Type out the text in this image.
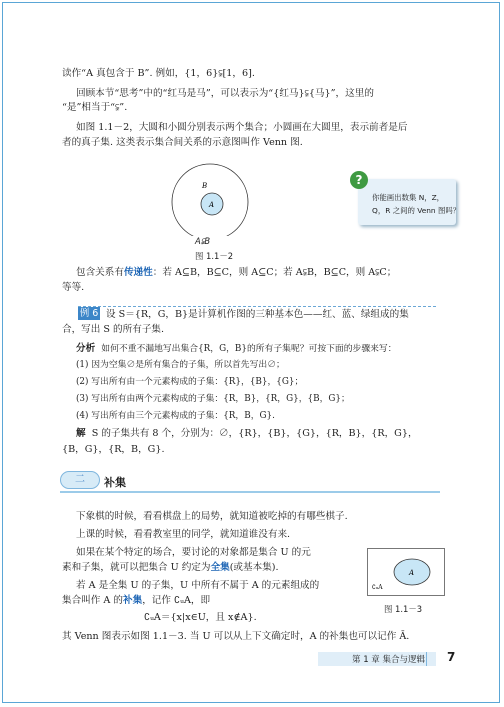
读作“A 真包含于 B”. 例如，{1，6}⫋[1，6].
回顾本节“思考”中的“红马是马”，可以表示为“{红马}⫋{马}”，这里的
“是”相当于“⫋”.
如图 1.1－2，大圆和小圆分别表示两个集合；小圆画在大圆里，表示前者是后
者的真子集. 这类表示集合间关系的示意图叫作 Venn 图.
B
A
A⫋B
图 1.1－2
?
你能画出数集 N，Z，
Q，R 之间的 Venn 图吗？
包含关系有传递性：若 A⊆B，B⊆C，则 A⊆C；若 A⫋B，B⊆C，则 A⫋C；
等等.
例 6 设 S＝{R，G，B}是计算机作图的三种基本色——红、蓝、绿组成的集
合，写出 S 的所有子集.
分析 如何不重不漏地写出集合{R，G，B}的所有子集呢？可按下面的步骤来写：
(1) 因为空集∅是所有集合的子集，所以首先写出∅；
(2) 写出所有由一个元素构成的子集：{R}，{B}，{G}；
(3) 写出所有由两个元素构成的子集：{R，B}，{R，G}，{B，G}；
(4) 写出所有由三个元素构成的子集：{R，B，G}.
解 S 的子集共有 8 个，分别为：∅，{R}，{B}，{G}，{R，B}，{R，G}，
{B，G}，{R，B，G}.
二	补集
下象棋的时候，看看棋盘上的局势，就知道被吃掉的有哪些棋子.
上课的时候，看看教室里的同学，就知道谁没有来.
如果在某个特定的场合，要讨论的对象都是集合 U 的元
素和子集，就可以把集合 U 约定为全集(或基本集).
若 A 是全集 U 的子集，U 中所有不属于 A 的元素组成的
集合叫作 A 的补集，记作 ∁ᵤA，即
∁ᵤA＝{x|x∈U，且 x∉A}.
其 Venn 图表示如图 1.1－3. 当 U 可以从上下文确定时，A 的补集也可以记作 Ā.
A
∁ᵤA
图 1.1－3
第 1 章 集合与逻辑 7
